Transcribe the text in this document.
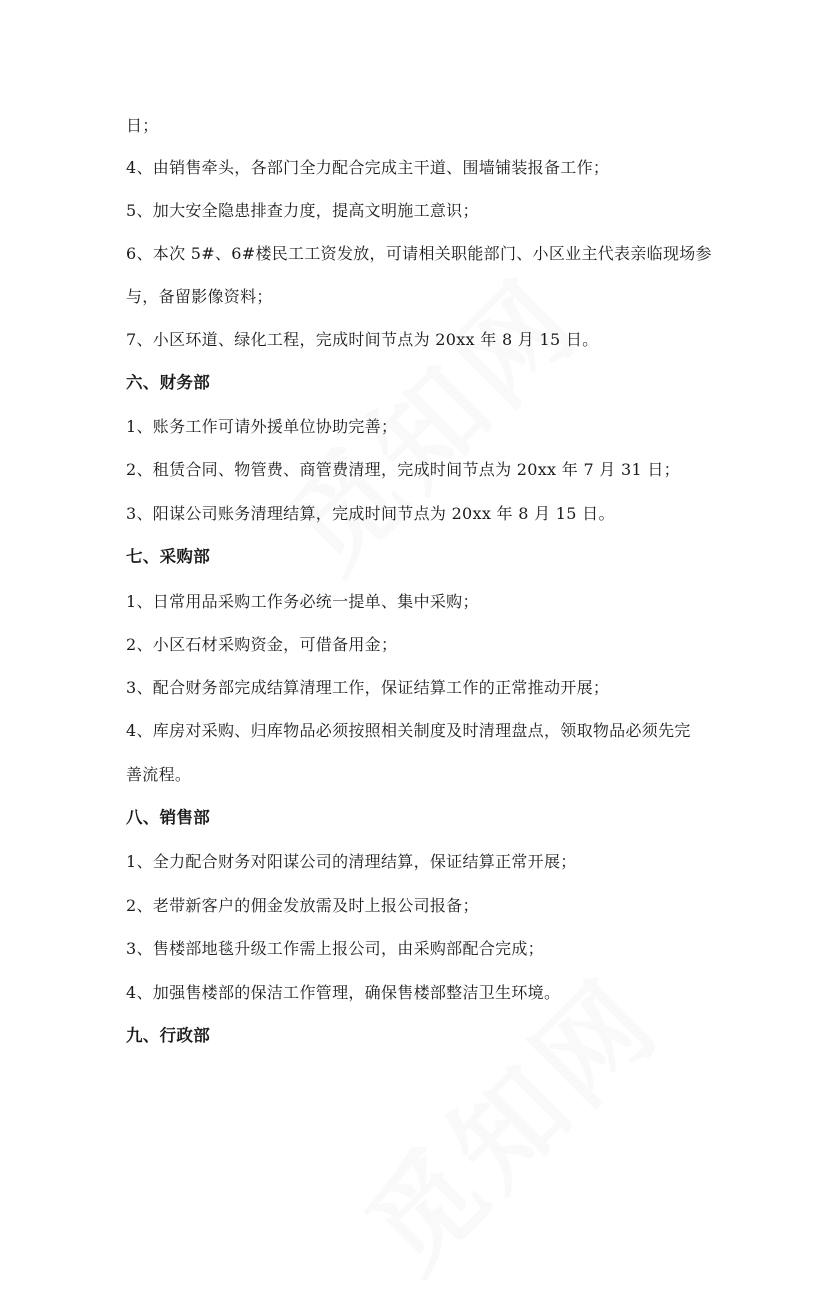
日；
4、由销售牵头，各部门全力配合完成主干道、围墙铺装报备工作；
5、加大安全隐患排查力度，提高文明施工意识；
6、本次 5#、6#楼民工工资发放，可请相关职能部门、小区业主代表亲临现场参
与，备留影像资料；
7、小区环道、绿化工程，完成时间节点为 20xx 年 8 月 15 日。
六、财务部
1、账务工作可请外援单位协助完善；
2、租赁合同、物管费、商管费清理，完成时间节点为 20xx 年 7 月 31 日；
3、阳谋公司账务清理结算，完成时间节点为 20xx 年 8 月 15 日。
七、采购部
1、日常用品采购工作务必统一提单、集中采购；
2、小区石材采购资金，可借备用金；
3、配合财务部完成结算清理工作，保证结算工作的正常推动开展；
4、库房对采购、归库物品必须按照相关制度及时清理盘点，领取物品必须先完
善流程。
八、销售部
1、全力配合财务对阳谋公司的清理结算，保证结算正常开展；
2、老带新客户的佣金发放需及时上报公司报备；
3、售楼部地毯升级工作需上报公司，由采购部配合完成；
4、加强售楼部的保洁工作管理，确保售楼部整洁卫生环境。
九、行政部
